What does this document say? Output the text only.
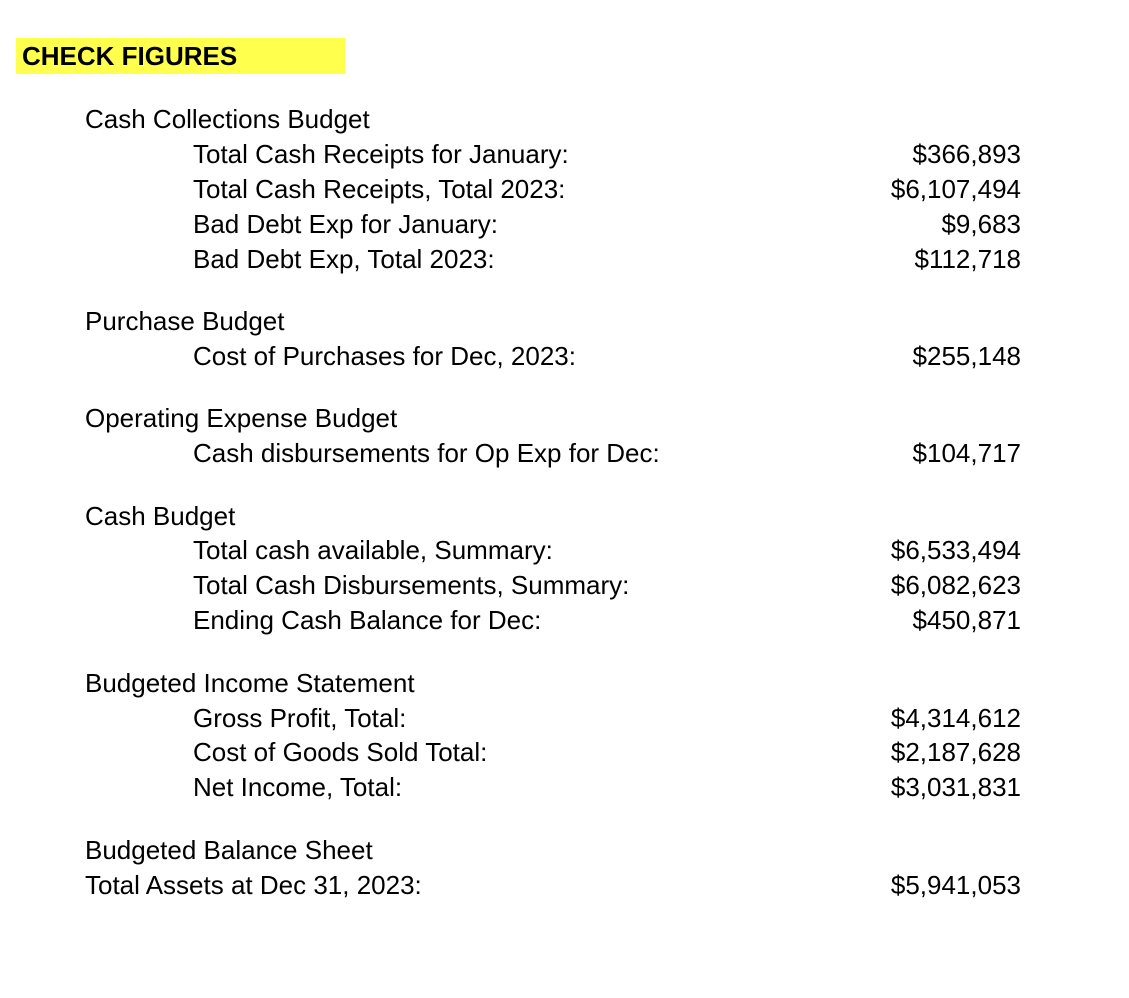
CHECK FIGURES
Cash Collections Budget
Total Cash Receipts for January:	$366,893
Total Cash Receipts, Total 2023:	$6,107,494
Bad Debt Exp for January:	$9,683
Bad Debt Exp, Total 2023:	$112,718
Purchase Budget
Cost of Purchases for Dec, 2023:	$255,148
Operating Expense Budget
Cash disbursements for Op Exp for Dec:	$104,717
Cash Budget
Total cash available, Summary:	$6,533,494
Total Cash Disbursements, Summary:	$6,082,623
Ending Cash Balance for Dec:	$450,871
Budgeted Income Statement
Gross Profit, Total:	$4,314,612
Cost of Goods Sold Total:	$2,187,628
Net Income, Total:	$3,031,831
Budgeted Balance Sheet
Total Assets at Dec 31, 2023:	$5,941,053
